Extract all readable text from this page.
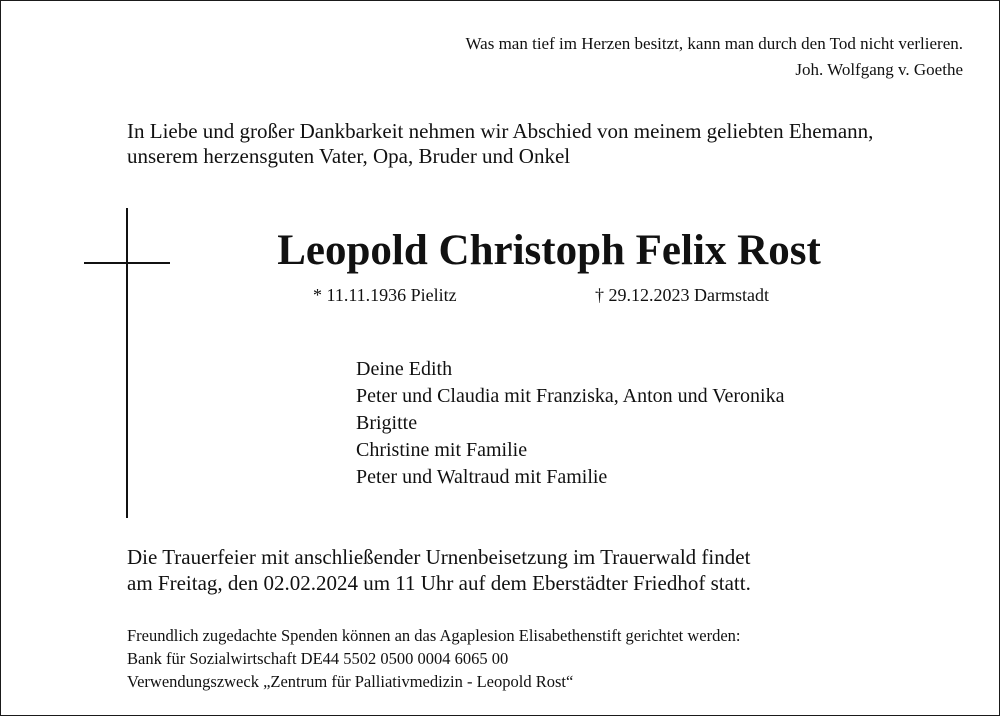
Was man tief im Herzen besitzt, kann man durch den Tod nicht verlieren.
Joh. Wolfgang v. Goethe
In Liebe und großer Dankbarkeit nehmen wir Abschied von meinem geliebten Ehemann,
unserem herzensguten Vater, Opa, Bruder und Onkel
Leopold Christoph Felix Rost
* 11.11.1936 Pielitz	† 29.12.2023 Darmstadt
Deine Edith
Peter und Claudia mit Franziska, Anton und Veronika
Brigitte
Christine mit Familie
Peter und Waltraud mit Familie
Die Trauerfeier mit anschließender Urnenbeisetzung im Trauerwald findet
am Freitag, den 02.02.2024 um 11 Uhr auf dem Eberstädter Friedhof statt.
Freundlich zugedachte Spenden können an das Agaplesion Elisabethenstift gerichtet werden:
Bank für Sozialwirtschaft DE44 5502 0500 0004 6065 00
Verwendungszweck „Zentrum für Palliativmedizin - Leopold Rost“
